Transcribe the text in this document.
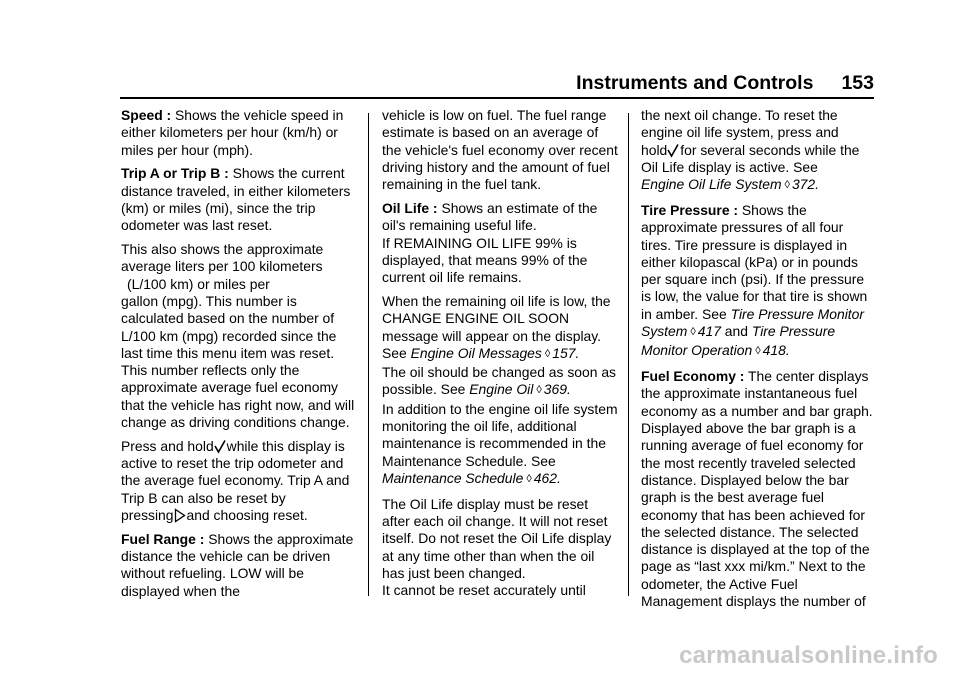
Instruments and Controls 153

Speed : Shows the vehicle speed in either kilometers per hour (km/h) or miles per hour (mph).

Trip A or Trip B : Shows the current distance traveled, in either kilometers (km) or miles (mi), since the trip odometer was last reset.

This also shows the approximate average liters per 100 kilometers
(L/100 km) or miles per
gallon (mpg). This number is calculated based on the number of L/100 km (mpg) recorded since the last time this menu item was reset. This number reflects only the approximate average fuel economy that the vehicle has right now, and will change as driving conditions change.

Press and hold while this display is active to reset the trip odometer and the average fuel economy. Trip A and Trip B can also be reset by
pressing and choosing reset.

Fuel Range : Shows the approximate distance the vehicle can be driven without refueling. LOW will be displayed when the

vehicle is low on fuel. The fuel range estimate is based on an average of the vehicle's fuel economy over recent driving history and the amount of fuel remaining in the fuel tank.

Oil Life : Shows an estimate of the oil's remaining useful life.
If REMAINING OIL LIFE 99% is displayed, that means 99% of the current oil life remains.

When the remaining oil life is low, the CHANGE ENGINE OIL SOON message will appear on the display. See Engine Oil Messages ◊ 157.
The oil should be changed as soon as possible. See Engine Oil ◊ 369.
In addition to the engine oil life system monitoring the oil life, additional maintenance is recommended in the Maintenance Schedule. See Maintenance Schedule ◊ 462.

The Oil Life display must be reset after each oil change. It will not reset itself. Do not reset the Oil Life display at any time other than when the oil has just been changed.
It cannot be reset accurately until

the next oil change. To reset the engine oil life system, press and
hold for several seconds while the Oil Life display is active. See
Engine Oil Life System ◊ 372.

Tire Pressure : Shows the approximate pressures of all four tires. Tire pressure is displayed in either kilopascal (kPa) or in pounds per square inch (psi). If the pressure is low, the value for that tire is shown in amber. See Tire Pressure Monitor System ◊ 417 and Tire Pressure Monitor Operation ◊ 418.

Fuel Economy : The center displays the approximate instantaneous fuel economy as a number and bar graph. Displayed above the bar graph is a running average of fuel economy for the most recently traveled selected distance. Displayed below the bar graph is the best average fuel economy that has been achieved for the selected distance. The selected distance is displayed at the top of the page as “last xxx mi/km.” Next to the odometer, the Active Fuel Management displays the number of

carmanualsonline.info
